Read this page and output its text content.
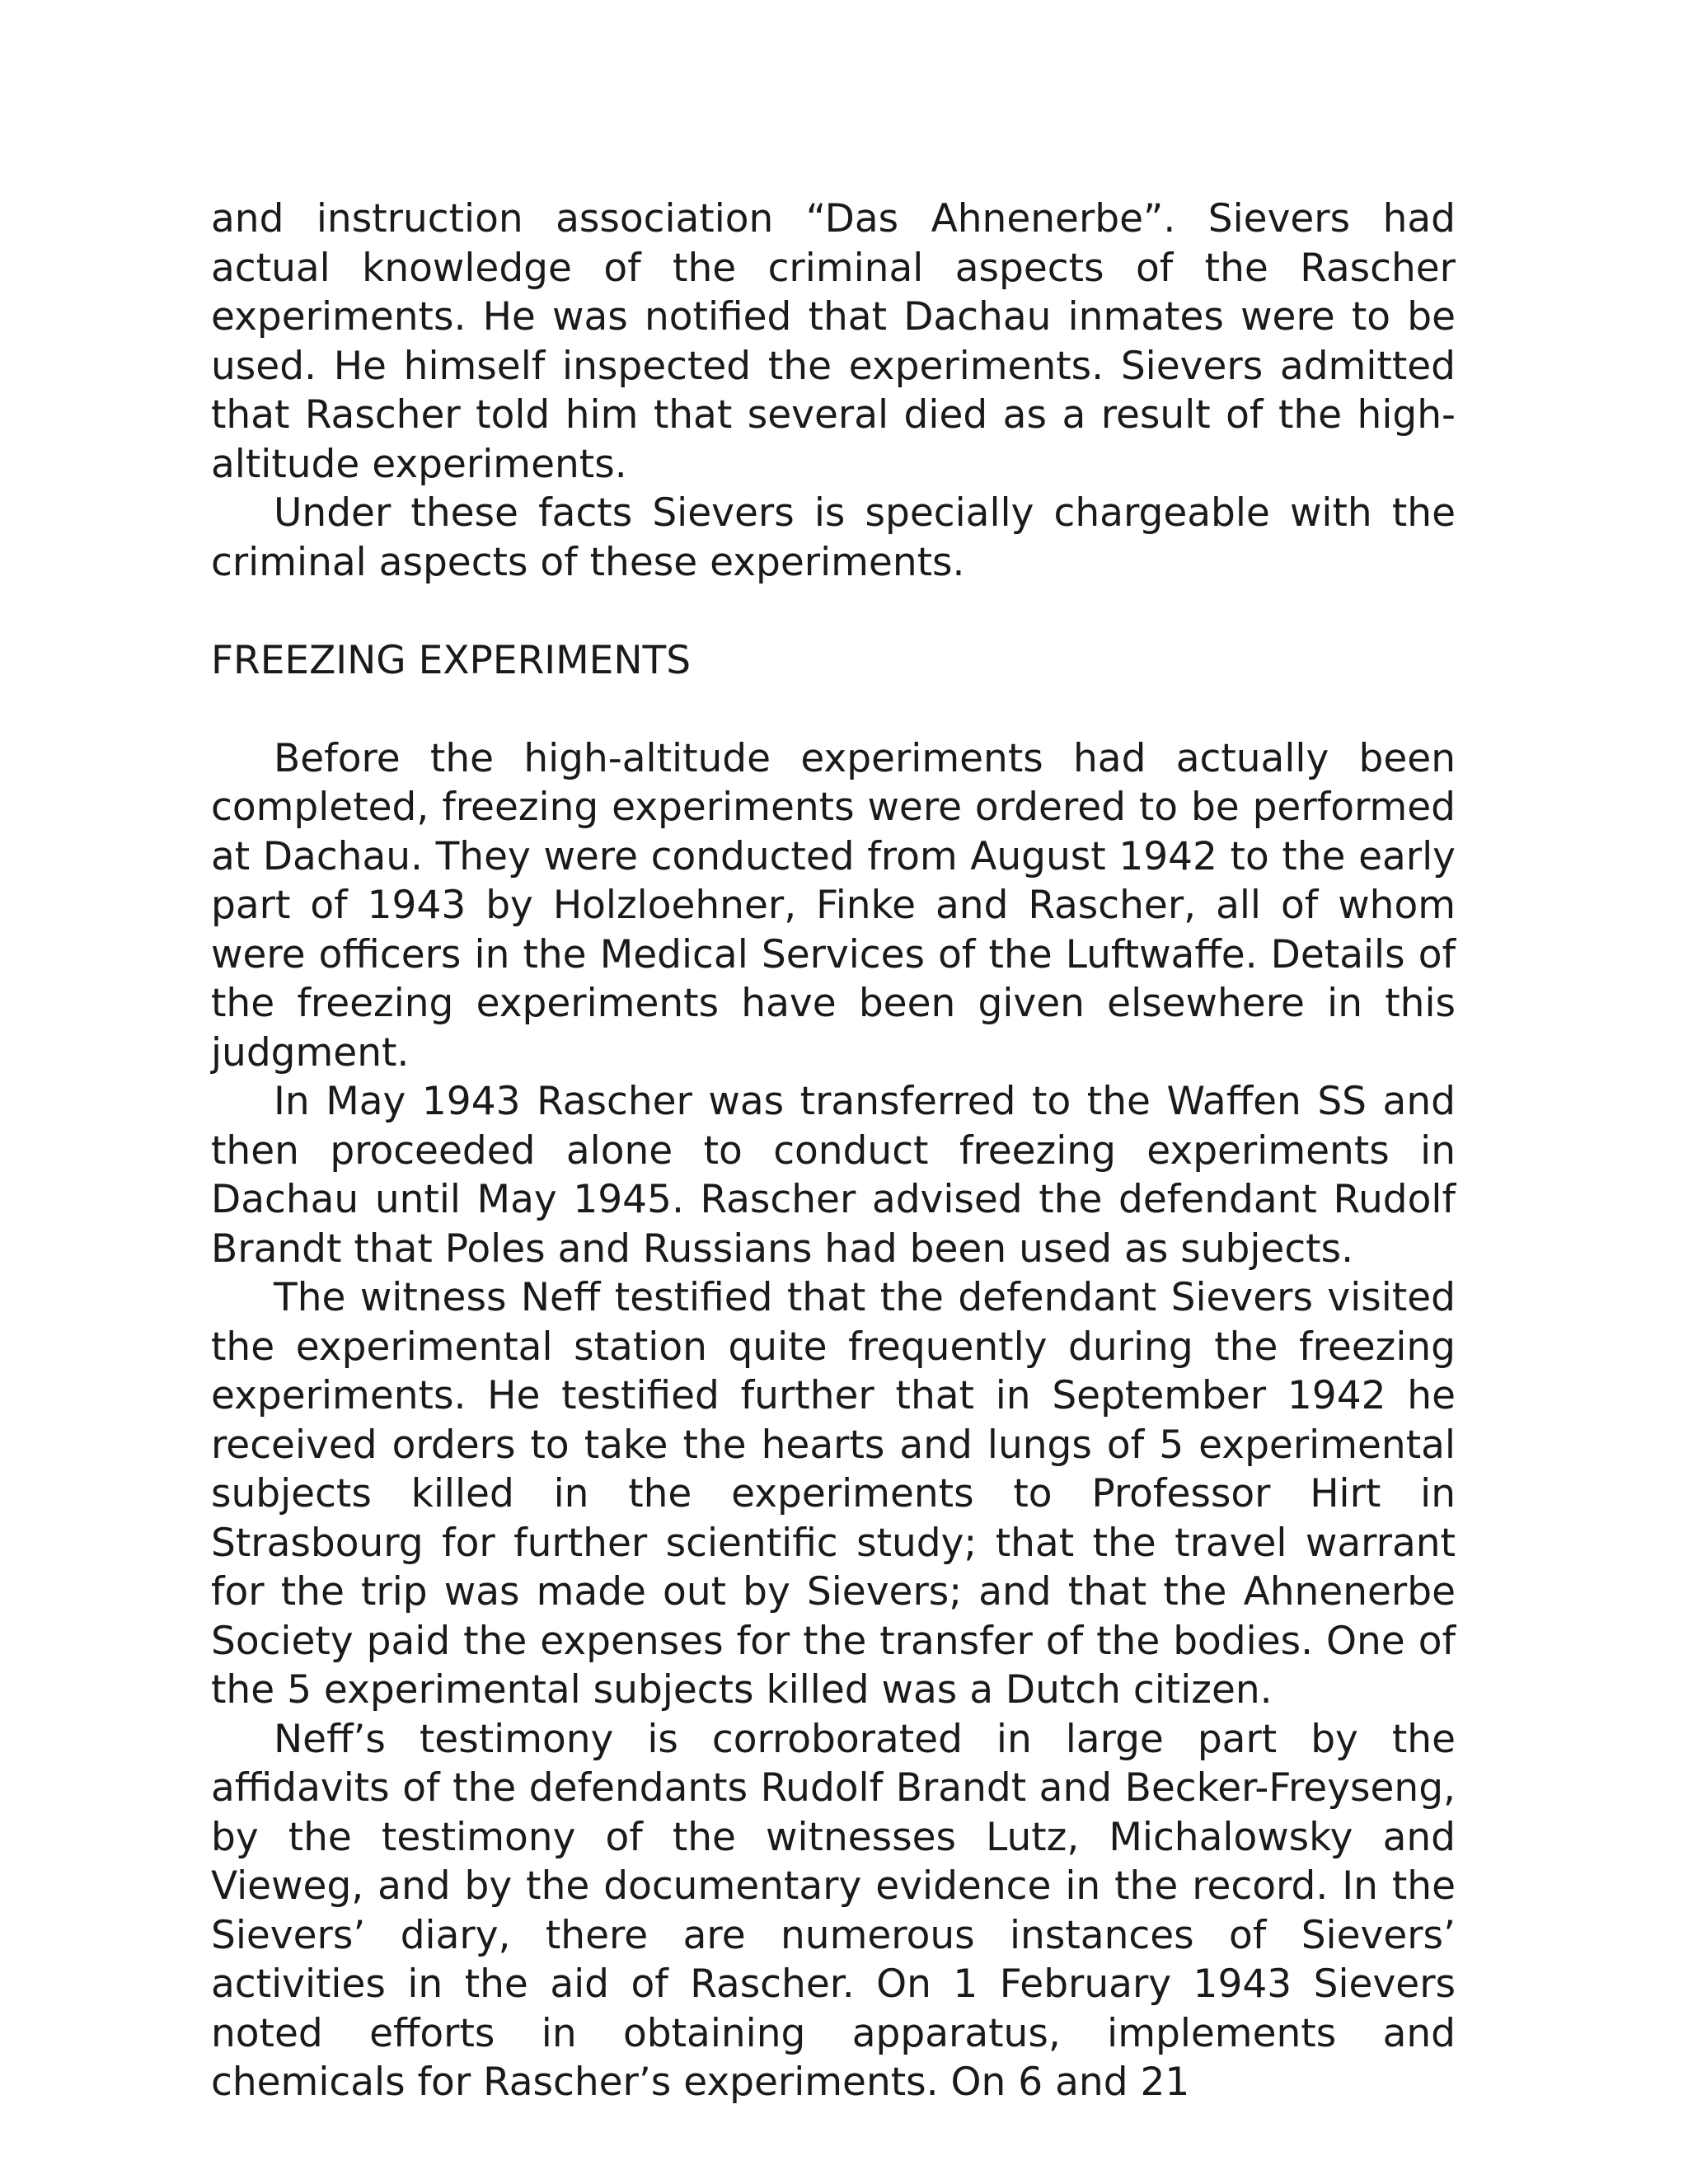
and instruction association “Das Ahnenerbe”. Sievers had actual knowledge of the criminal aspects of the Rascher experiments. He was notified that Dachau inmates were to be used. He himself inspected the experiments. Sievers admitted that Rascher told him that several died as a result of the high-altitude experiments.

Under these facts Sievers is specially chargeable with the criminal aspects of these experiments.

FREEZING EXPERIMENTS

Before the high-altitude experiments had actually been completed, freezing experiments were ordered to be performed at Dachau. They were conducted from August 1942 to the early part of 1943 by Holzloehner, Finke and Rascher, all of whom were officers in the Medical Services of the Luftwaffe. Details of the freezing experiments have been given elsewhere in this judgment.

In May 1943 Rascher was transferred to the Waffen SS and then proceeded alone to conduct freezing experiments in Dachau until May 1945. Rascher advised the defendant Rudolf Brandt that Poles and Russians had been used as subjects.

The witness Neff testified that the defendant Sievers visited the experimental station quite frequently during the freezing experiments. He testified further that in September 1942 he received orders to take the hearts and lungs of 5 experimental subjects killed in the experiments to Professor Hirt in Strasbourg for further scientific study; that the travel warrant for the trip was made out by Sievers; and that the Ahnenerbe Society paid the expenses for the transfer of the bodies. One of the 5 experimental subjects killed was a Dutch citizen.

Neff’s testimony is corroborated in large part by the affidavits of the defendants Rudolf Brandt and Becker-Freyseng, by the testimony of the witnesses Lutz, Michalowsky and Vieweg, and by the documentary evidence in the record. In the Sievers’ diary, there are numerous instances of Sievers’ activities in the aid of Rascher. On 1 February 1943 Sievers noted efforts in obtaining apparatus, implements and chemicals for Rascher’s experiments. On 6 and 21
